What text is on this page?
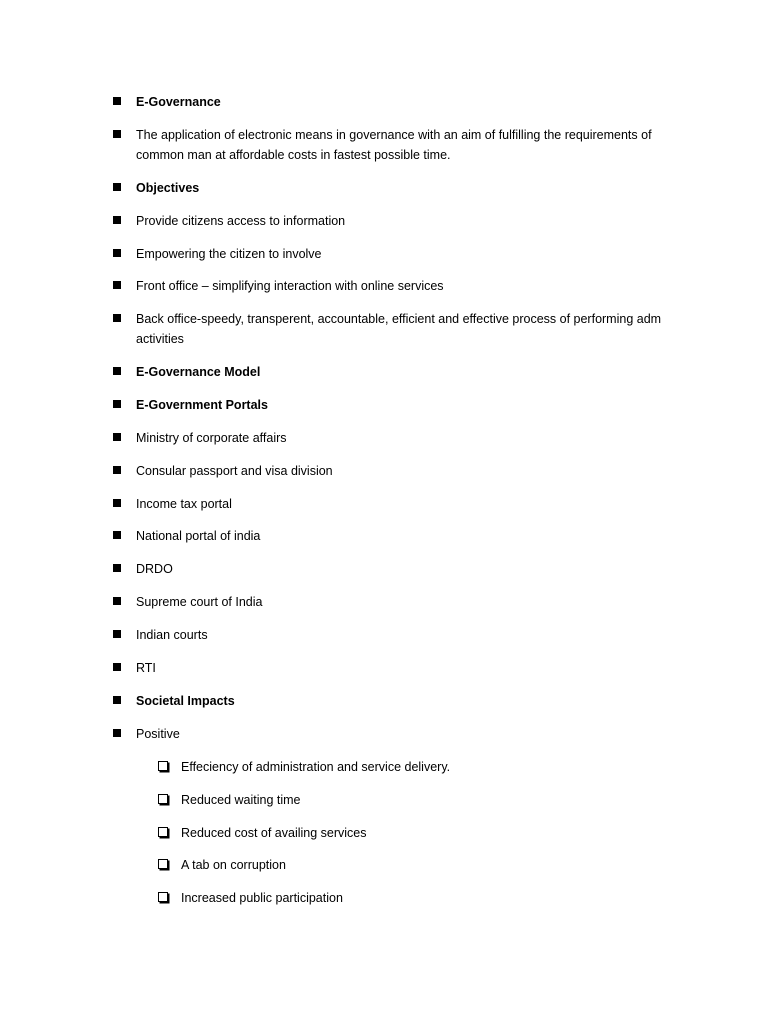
E-Governance
The application of electronic means in governance with an aim of fulfilling the requirements of common man at affordable costs in fastest possible time.
Objectives
Provide citizens access to information
Empowering the citizen to involve
Front office – simplifying interaction with online services
Back office-speedy, transperent, accountable, efficient and effective process of performing adm activities
E-Governance Model
E-Government Portals
Ministry of corporate affairs
Consular passport and visa division
Income tax portal
National portal of india
DRDO
Supreme court of India
Indian courts
RTI
Societal Impacts
Positive
Effeciency of administration and service delivery.
Reduced waiting time
Reduced cost of availing services
A tab on corruption
Increased public participation
